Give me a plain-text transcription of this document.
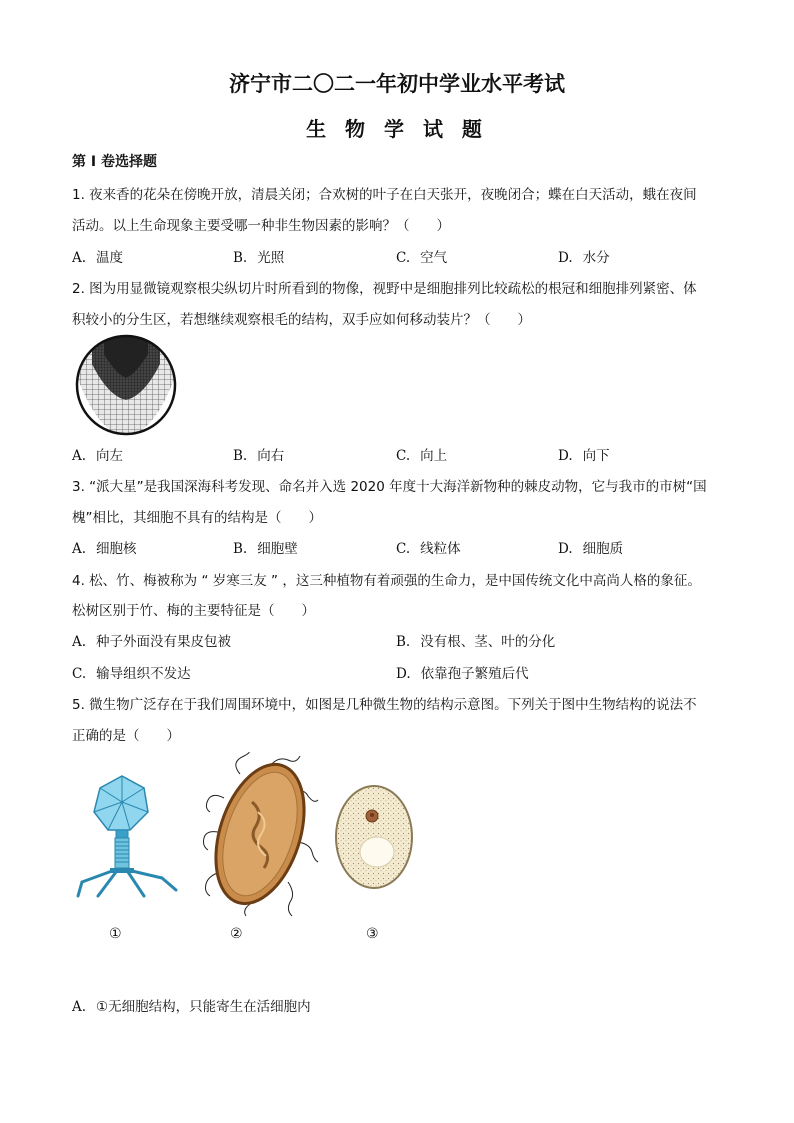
济宁市二〇二一年初中学业水平考试
生 物 学 试 题
第 I 卷选择题
1. 夜来香的花朵在傍晚开放，清晨关闭；合欢树的叶子在白天张开，夜晚闭合；蝶在白天活动，蛾在夜间
活动。以上生命现象主要受哪一种非生物因素的影响？（　　）
A. 温度	B. 光照	C. 空气	D. 水分
2. 图为用显微镜观察根尖纵切片时所看到的物像，视野中是细胞排列比较疏松的根冠和细胞排列紧密、体
积较小的分生区，若想继续观察根毛的结构，双手应如何移动装片？（　　）
A. 向左	B. 向右	C. 向上	D. 向下
3. “派大星”是我国深海科考发现、命名并入选 2020 年度十大海洋新物种的棘皮动物，它与我市的市树“国
槐”相比，其细胞不具有的结构是（　　）
A. 细胞核	B. 细胞壁	C. 线粒体	D. 细胞质
4. 松、竹、梅被称为 “ 岁寒三友 ” ，这三种植物有着顽强的生命力，是中国传统文化中高尚人格的象征。
松树区别于竹、梅的主要特征是（　　）
A. 种子外面没有果皮包被	B. 没有根、茎、叶的分化
C. 输导组织不发达	D. 依靠孢子繁殖后代
5. 微生物广泛存在于我们周围环境中，如图是几种微生物的结构示意图。下列关于图中生物结构的说法不
正确的是（　　）
①	②	③
A. ①无细胞结构，只能寄生在活细胞内
